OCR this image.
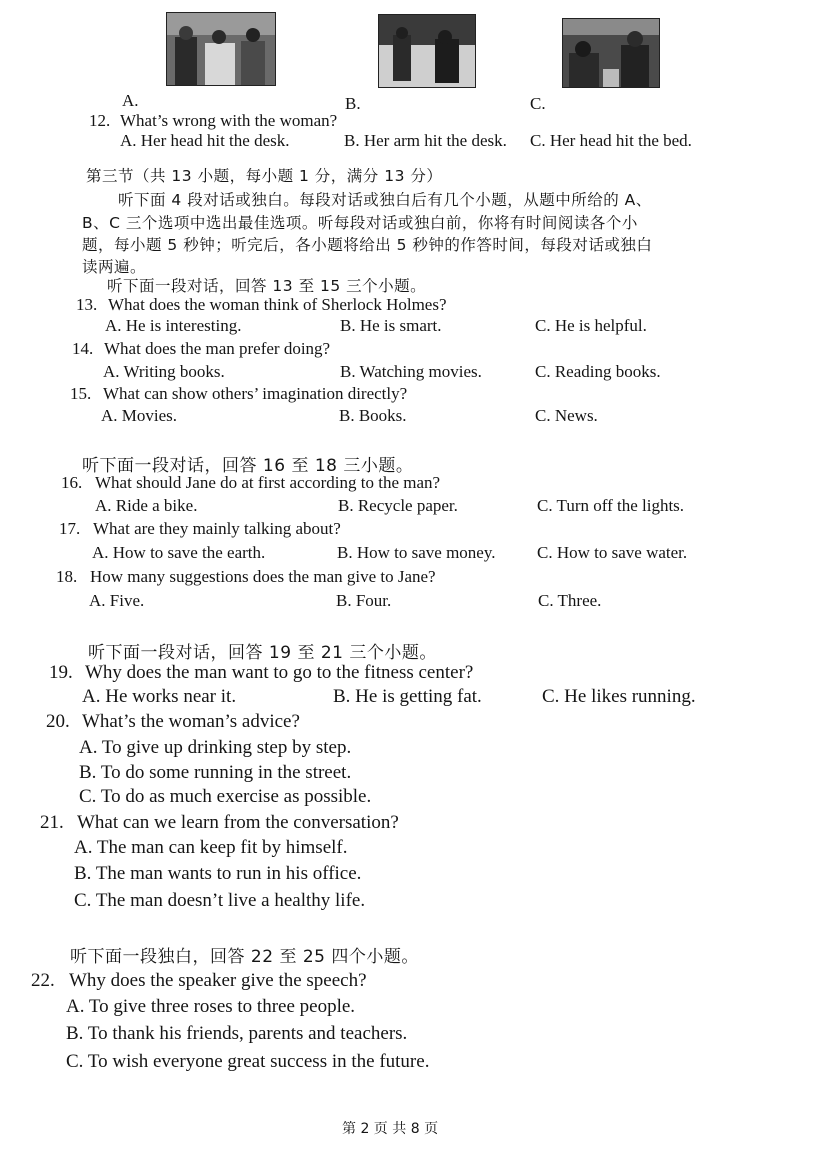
A.	B.	C.
12. What’s wrong with the woman?
A. Her head hit the desk.	B. Her arm hit the desk. C. Her head hit the bed.
第三节（共 13 小题，每小题 1 分，满分 13 分）
听下面 4 段对话或独白。每段对话或独白后有几个小题，从题中所给的 A、
B、C 三个选项中选出最佳选项。听每段对话或独白前，你将有时间阅读各个小
题，每小题 5 秒钟；听完后，各小题将给出 5 秒钟的作答时间，每段对话或独白
读两遍。
听下面一段对话，回答 13 至 15 三个小题。
13. What does the woman think of Sherlock Holmes?
A. He is interesting.	B. He is smart.	C. He is helpful.
14. What does the man prefer doing?
A. Writing books.	B. Watching movies.	C. Reading books.
15. What can show others’ imagination directly?
A. Movies.	B. Books.	C. News.
听下面一段对话，回答 16 至 18 三小题。
16. What should Jane do at first according to the man?
A. Ride a bike.	B. Recycle paper.	C. Turn off the lights.
17. What are they mainly talking about?
A. How to save the earth.	B. How to save money. C. How to save water.
18. How many suggestions does the man give to Jane?
A. Five.	B. Four.	C. Three.
听下面一段对话，回答 19 至 21 三个小题。
19. Why does the man want to go to the fitness center?
A. He works near it.	B. He is getting fat.	C. He likes running.
20. What’s the woman’s advice?
A. To give up drinking step by step.
B. To do some running in the street.
C. To do as much exercise as possible.
21. What can we learn from the conversation?
A. The man can keep fit by himself.
B. The man wants to run in his office.
C. The man doesn’t live a healthy life.
听下面一段独白，回答 22 至 25 四个小题。
22. Why does the speaker give the speech?
A. To give three roses to three people.
B. To thank his friends, parents and teachers.
C. To wish everyone great success in the future.
第 2 页 共 8 页
